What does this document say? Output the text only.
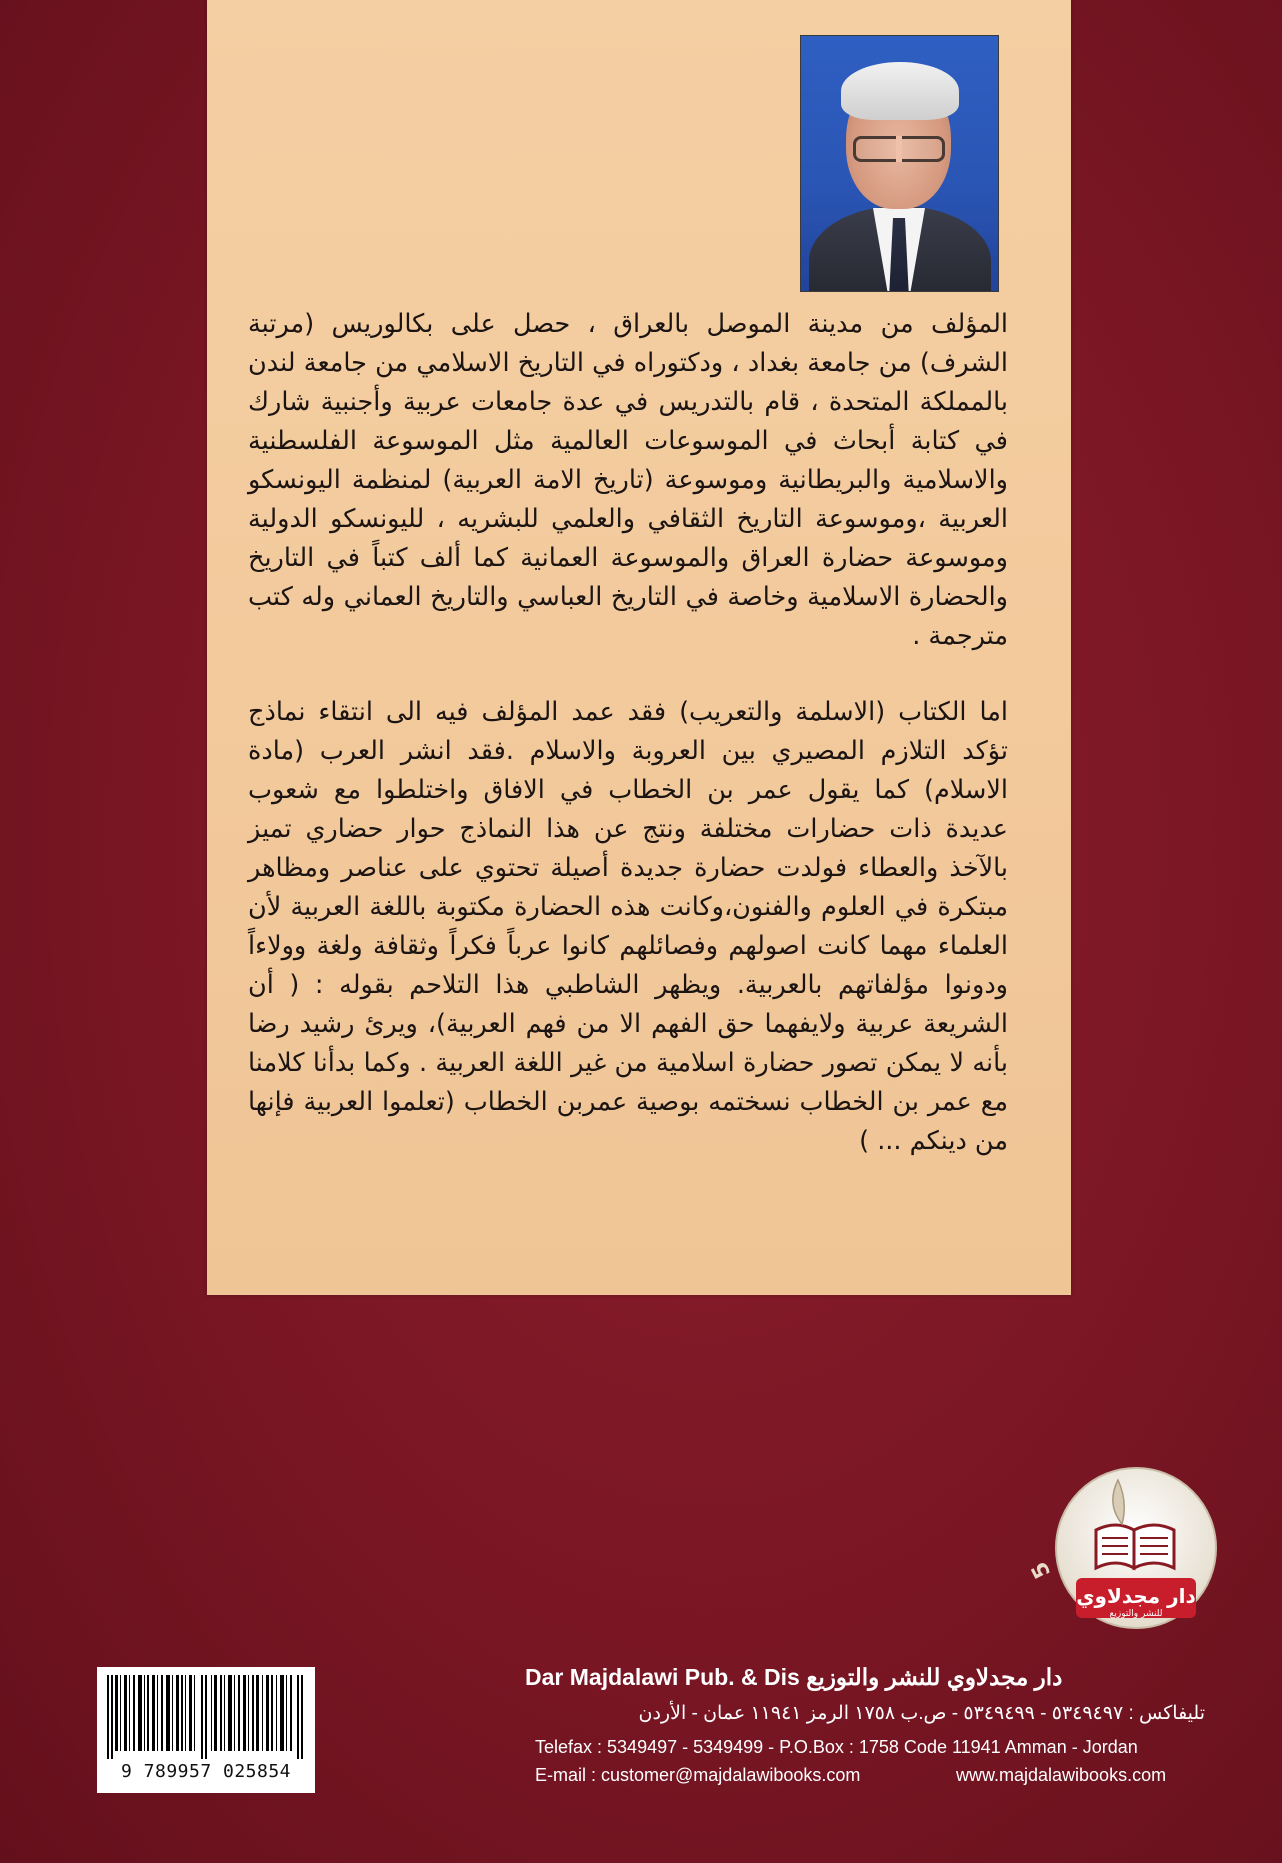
المؤلف من مدينة الموصل بالعراق ، حصل على بكالوريس (مرتبة الشرف) من جامعة بغداد ، ودكتوراه في التاريخ الاسلامي من جامعة لندن بالمملكة المتحدة ، قام بالتدريس في عدة جامعات عربية وأجنبية شارك في كتابة أبحاث في الموسوعات العالمية مثل الموسوعة الفلسطنية والاسلامية والبريطانية وموسوعة (تاريخ الامة العربية) لمنظمة اليونسكو العربية ،وموسوعة التاريخ الثقافي والعلمي للبشريه ، لليونسكو الدولية وموسوعة حضارة العراق والموسوعة العمانية كما ألف كتباً في التاريخ والحضارة الاسلامية وخاصة في التاريخ العباسي والتاريخ العماني وله كتب مترجمة .
اما الكتاب (الاسلمة والتعريب) فقد عمد المؤلف فيه الى انتقاء نماذج تؤكد التلازم المصيري بين العروبة والاسلام .فقد انشر العرب (مادة الاسلام) كما يقول عمر بن الخطاب في الافاق واختلطوا مع شعوب عديدة ذات حضارات مختلفة ونتج عن هذا النماذج حوار حضاري تميز بالآخذ والعطاء فولدت حضارة جديدة أصيلة تحتوي على عناصر ومظاهر مبتكرة في العلوم والفنون،وكانت هذه الحضارة مكتوبة باللغة العربية لأن العلماء مهما كانت اصولهم وفصائلهم كانوا عرباً فكراً وثقافة ولغة وولاءاً ودونوا مؤلفاتهم بالعربية. ويظهر الشاطبي هذا التلاحم بقوله : ( أن الشريعة عربية ولايفهما حق الفهم الا من فهم العربية)، ويرئ رشيد رضا بأنه لا يمكن تصور حضارة اسلامية من غير اللغة العربية . وكما بدأنا كلامنا مع عمر بن الخطاب نسختمه بوصية عمربن الخطاب (تعلموا العربية فإنها من دينكم ... )
5
دار مجدلاوي
للنشر والتوزيع
Dar Majdalawi Pub. & Dis دار مجدلاوي للنشر والتوزيع
تليفاكس : ٥٣٤٩٤٩٧ - ٥٣٤٩٤٩٩ - ص.ب ١٧٥٨ الرمز ١١٩٤١ عمان - الأردن
Telefax : 5349497 - 5349499 - P.O.Box : 1758 Code 11941 Amman - Jordan
E-mail : customer@majdalawibooks.com	www.majdalawibooks.com
9 789957 025854
